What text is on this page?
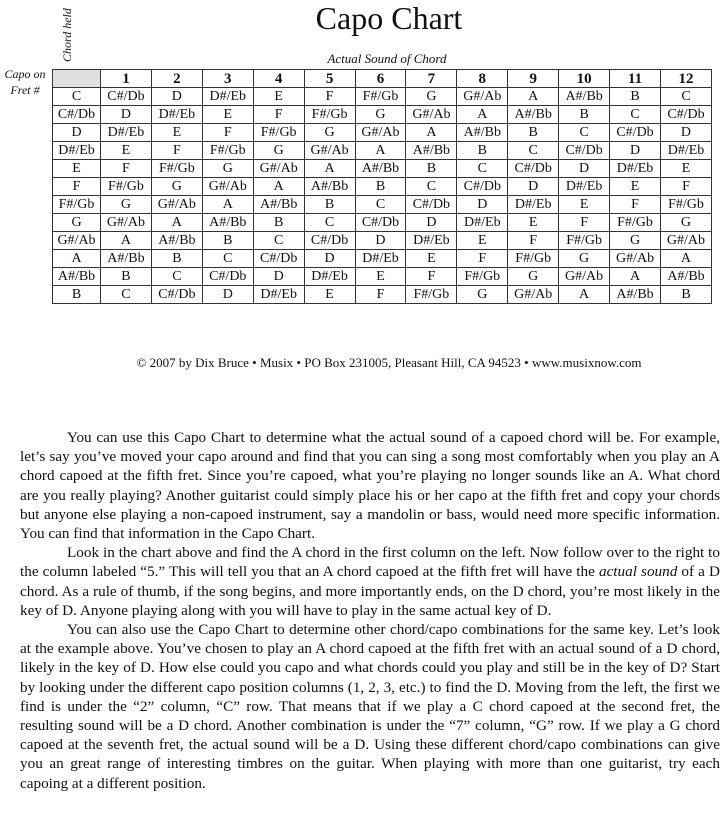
Capo Chart
Chord held	Actual Sound of Chord
Capo on
Fret #
	1	2	3	4	5	6	7	8	9	10	11	12
C	C#/Db	D	D#/Eb	E	F	F#/Gb	G	G#/Ab	A	A#/Bb	B	C
C#/Db	D	D#/Eb	E	F	F#/Gb	G	G#/Ab	A	A#/Bb	B	C	C#/Db
D	D#/Eb	E	F	F#/Gb	G	G#/Ab	A	A#/Bb	B	C	C#/Db	D
D#/Eb	E	F	F#/Gb	G	G#/Ab	A	A#/Bb	B	C	C#/Db	D	D#/Eb
E	F	F#/Gb	G	G#/Ab	A	A#/Bb	B	C	C#/Db	D	D#/Eb	E
F	F#/Gb	G	G#/Ab	A	A#/Bb	B	C	C#/Db	D	D#/Eb	E	F
F#/Gb	G	G#/Ab	A	A#/Bb	B	C	C#/Db	D	D#/Eb	E	F	F#/Gb
G	G#/Ab	A	A#/Bb	B	C	C#/Db	D	D#/Eb	E	F	F#/Gb	G
G#/Ab	A	A#/Bb	B	C	C#/Db	D	D#/Eb	E	F	F#/Gb	G	G#/Ab
A	A#/Bb	B	C	C#/Db	D	D#/Eb	E	F	F#/Gb	G	G#/Ab	A
A#/Bb	B	C	C#/Db	D	D#/Eb	E	F	F#/Gb	G	G#/Ab	A	A#/Bb
B	C	C#/Db	D	D#/Eb	E	F	F#/Gb	G	G#/Ab	A	A#/Bb	B
© 2007 by Dix Bruce • Musix • PO Box 231005, Pleasant Hill, CA 94523 • www.musixnow.com

You can use this Capo Chart to determine what the actual sound of a capoed chord will be. For example, let’s say you’ve moved your capo around and find that you can sing a song most comfortably when you play an A chord capoed at the fifth fret. Since you’re capoed, what you’re playing no longer sounds like an A. What chord are you really playing? Another guitarist could simply place his or her capo at the fifth fret and copy your chords but anyone else playing a non-capoed instrument, say a mandolin or bass, would need more specific information. You can find that information in the Capo Chart.

Look in the chart above and find the A chord in the first column on the left. Now follow over to the right to the column labeled “5.” This will tell you that an A chord capoed at the fifth fret will have the actual sound of a D chord. As a rule of thumb, if the song begins, and more importantly ends, on the D chord, you’re most likely in the key of D. Anyone playing along with you will have to play in the same actual key of D.

You can also use the Capo Chart to determine other chord/capo combinations for the same key. Let’s look at the example above. You’ve chosen to play an A chord capoed at the fifth fret with an actual sound of a D chord, likely in the key of D. How else could you capo and what chords could you play and still be in the key of D? Start by looking under the different capo position columns (1, 2, 3, etc.) to find the D. Moving from the left, the first we find is under the “2” column, “C” row. That means that if we play a C chord capoed at the second fret, the resulting sound will be a D chord. Another combination is under the “7” column, “G” row. If we play a G chord capoed at the seventh fret, the actual sound will be a D. Using these different chord/capo combinations can give you an great range of interesting timbres on the guitar. When playing with more than one guitarist, try each capoing at a different position.
